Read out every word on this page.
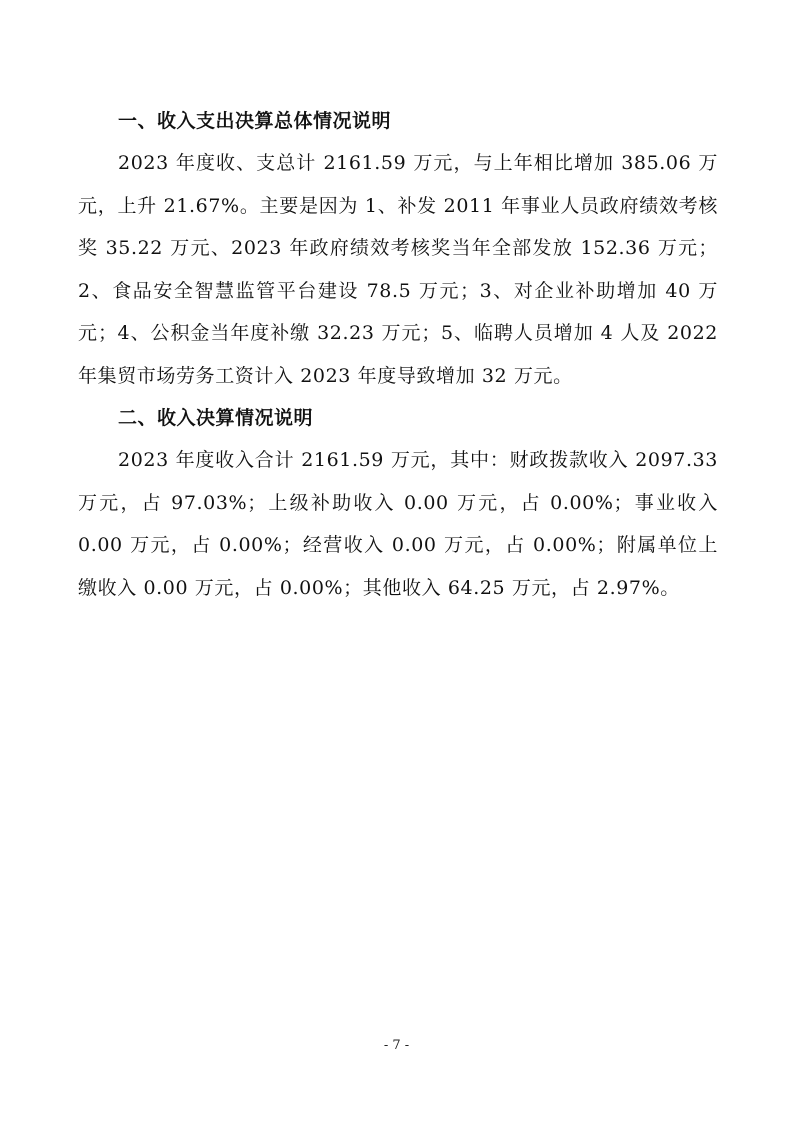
一、收入支出决算总体情况说明

2023 年度收、支总计 2161.59 万元，与上年相比增加 385.06 万元，上升 21.67%。主要是因为 1、补发 2011 年事业人员政府绩效考核奖 35.22 万元、2023 年政府绩效考核奖当年全部发放 152.36 万元；2、食品安全智慧监管平台建设 78.5 万元；3、对企业补助增加 40 万元；4、公积金当年度补缴 32.23 万元；5、临聘人员增加 4 人及 2022 年集贸市场劳务工资计入 2023 年度导致增加 32 万元。

二、收入决算情况说明

2023 年度收入合计 2161.59 万元，其中：财政拨款收入 2097.33 万元，占 97.03%；上级补助收入 0.00 万元，占 0.00%；事业收入 0.00 万元，占 0.00%；经营收入 0.00 万元，占 0.00%；附属单位上缴收入 0.00 万元，占 0.00%；其他收入 64.25 万元，占 2.97%。

- 7 -
